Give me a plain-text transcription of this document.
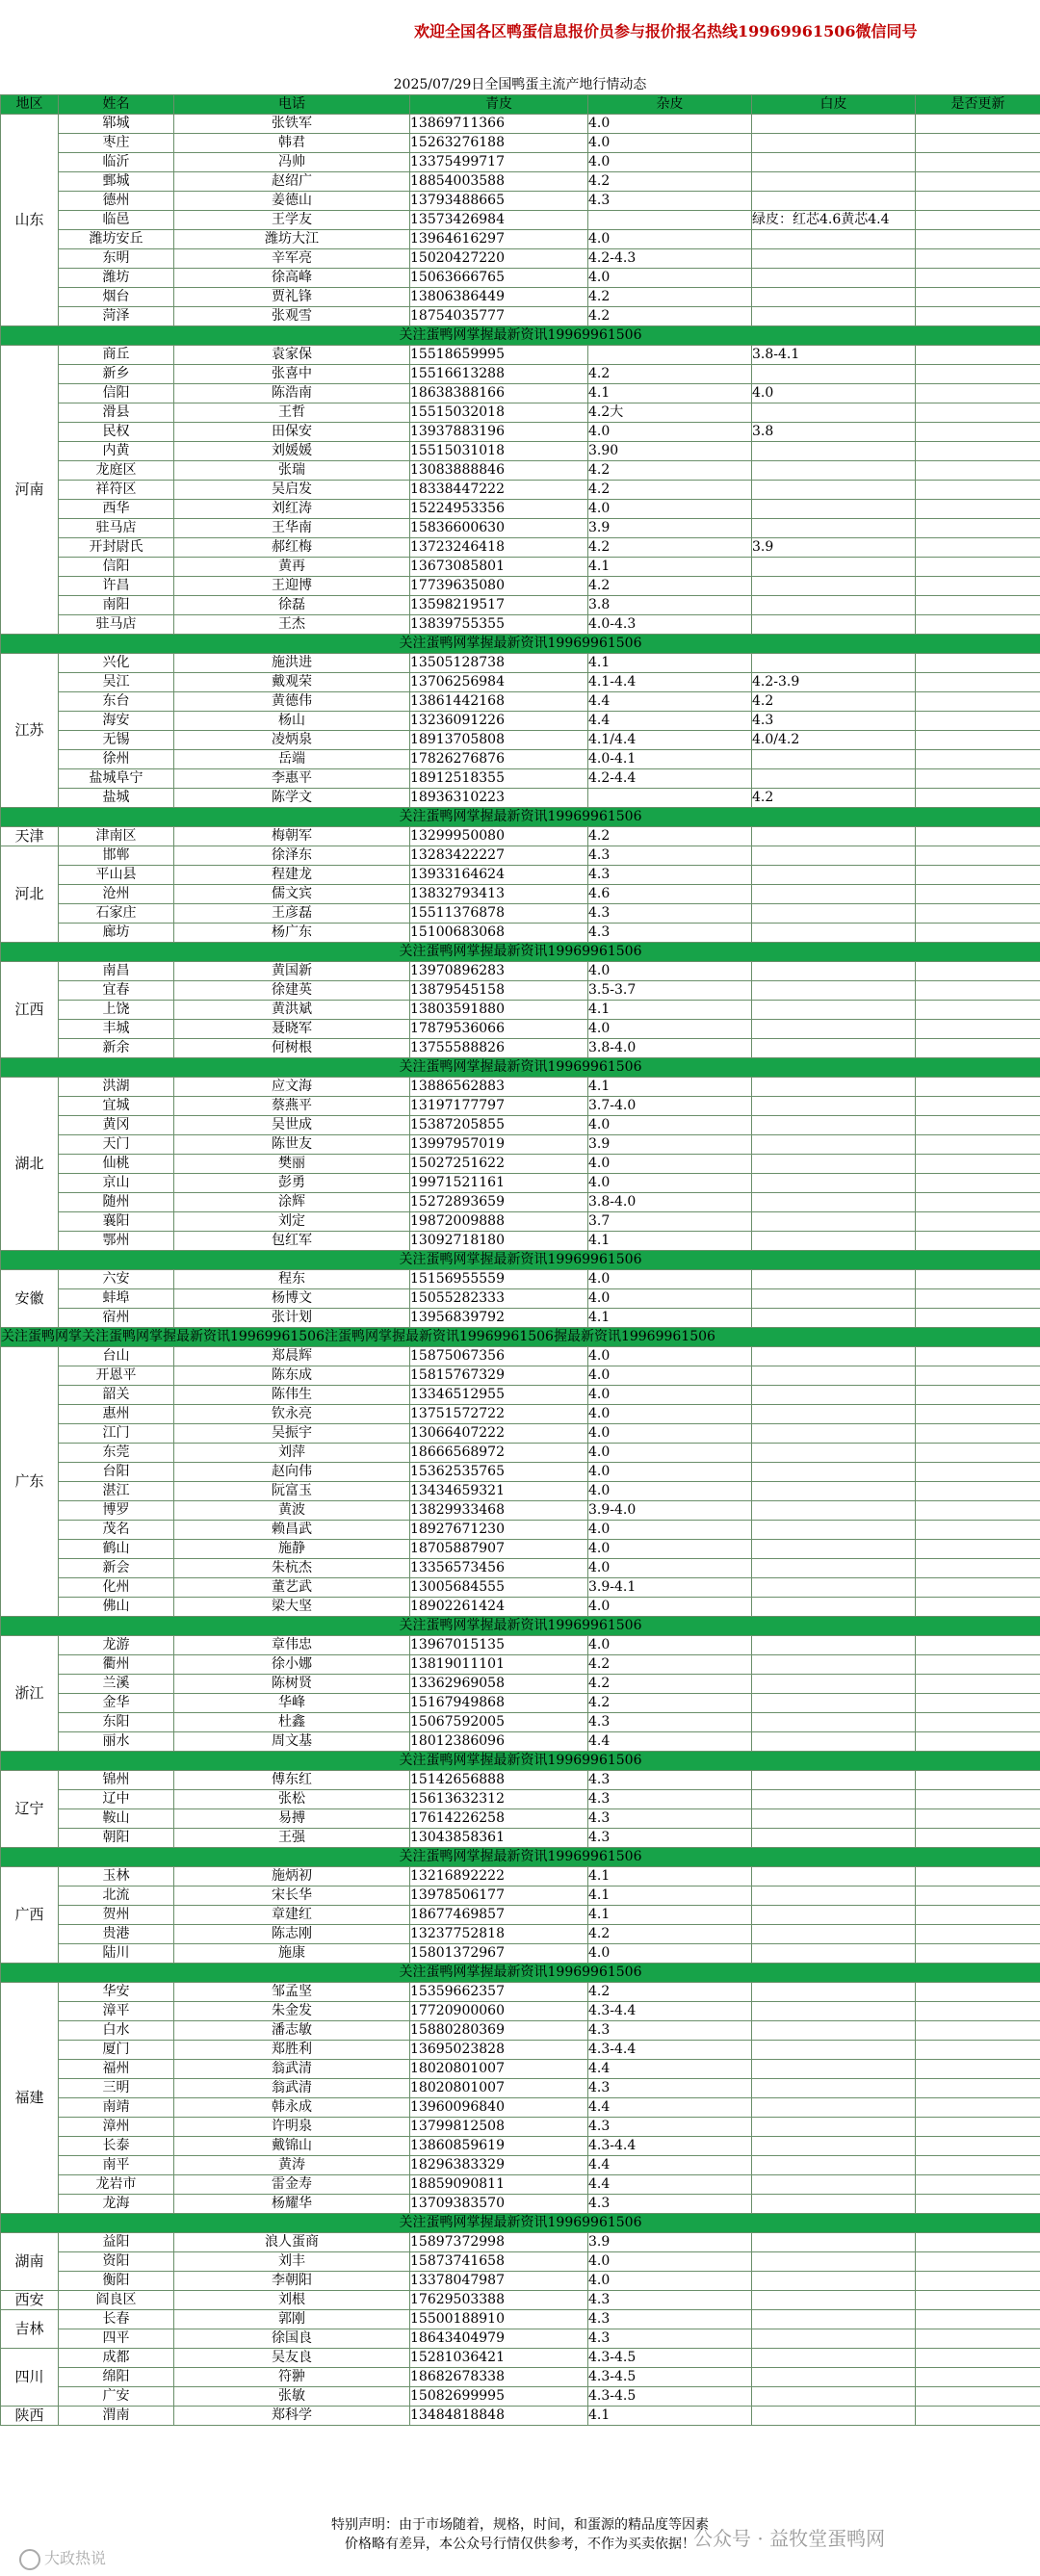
欢迎全国各区鸭蛋信息报价员参与报价报名热线19969961506微信同号
2025/07/29日全国鸭蛋主流产地行情动态
地区	姓名	电话	青皮	杂皮	白皮	是否更新	
山东	郓城	张铁军	13869711366	4.0			
	枣庄	韩君	15263276188	4.0			
	临沂	冯帅	13375499717	4.0			
	鄄城	赵绍广	18854003588	4.2			
	德州	姜德山	13793488665	4.3			
	临邑	王学友	13573426984		绿皮：红芯4.6黄芯4.4		
	潍坊安丘	潍坊大江	13964616297	4.0			
	东明	辛军亮	15020427220	4.2-4.3			
	潍坊	徐高峰	15063666765	4.0			
	烟台	贾礼锋	13806386449	4.2			
	菏泽	张观雪	18754035777	4.2			
关注蛋鸭网掌握最新资讯19969961506							
河南	商丘	袁家保	15518659995		3.8-4.1		
	新乡	张喜中	15516613288	4.2			
	信阳	陈浩南	18638388166	4.1	4.0		
	滑县	王哲	15515032018	4.2大			
	民权	田保安	13937883196	4.0	3.8		
	内黄	刘媛媛	15515031018	3.90			
	龙庭区	张瑞	13083888846	4.2			
	祥符区	吴启发	18338447222	4.2			
	西华	刘红涛	15224953356	4.0			
	驻马店	王华南	15836600630	3.9			
	开封尉氏	郝红梅	13723246418	4.2	3.9		
	信阳	黄再	13673085801	4.1			
	许昌	王迎博	17739635080	4.2			
	南阳	徐磊	13598219517	3.8			
	驻马店	王杰	13839755355	4.0-4.3			
关注蛋鸭网掌握最新资讯19969961506							
江苏	兴化	施洪进	13505128738	4.1			
	吴江	戴观荣	13706256984	4.1-4.4	4.2-3.9		
	东台	黄德伟	13861442168	4.4	4.2		
	海安	杨山	13236091226	4.4	4.3		
	无锡	凌炳泉	18913705808	4.1/4.4	4.0/4.2		
	徐州	岳端	17826276876	4.0-4.1			
	盐城阜宁	李惠平	18912518355	4.2-4.4			
	盐城	陈学文	18936310223		4.2		
关注蛋鸭网掌握最新资讯19969961506							
天津	津南区	梅朝军	13299950080	4.2			
河北	邯郸	徐泽东	13283422227	4.3			
	平山县	程建龙	13933164624	4.3			
	沧州	儒文宾	13832793413	4.6			
	石家庄	王彦磊	15511376878	4.3			
	廊坊	杨广东	15100683068	4.3			
关注蛋鸭网掌握最新资讯19969961506							
江西	南昌	黄国新	13970896283	4.0			
	宜春	徐建英	13879545158	3.5-3.7			
	上饶	黄洪斌	13803591880	4.1			
	丰城	聂晓军	17879536066	4.0			
	新余	何树根	13755588826	3.8-4.0			
关注蛋鸭网掌握最新资讯19969961506							
湖北	洪湖	应文海	13886562883	4.1			
	宜城	蔡燕平	13197177797	3.7-4.0			
	黄冈	吴世成	15387205855	4.0			
	天门	陈世友	13997957019	3.9			
	仙桃	樊丽	15027251622	4.0			
	京山	彭勇	19971521161	4.0			
	随州	涂辉	15272893659	3.8-4.0			
	襄阳	刘定	19872009888	3.7			
	鄂州	包红军	13092718180	4.1			
关注蛋鸭网掌握最新资讯19969961506							
安徽	六安	程东	15156955559	4.0			
	蚌埠	杨博文	15055282333	4.0			
	宿州	张计划	13956839792	4.1			
关注蛋鸭网掌关注蛋鸭网掌握最新资讯19969961506注蛋鸭网掌握最新资讯19969961506握最新资讯19969961506							
广东	台山	郑晨辉	15875067356	4.0			
	开恩平	陈东成	15815767329	4.0			
	韶关	陈伟生	13346512955	4.0			
	惠州	钦永亮	13751572722	4.0			
	江门	吴振宇	13066407222	4.0			
	东莞	刘萍	18666568972	4.0			
	台阳	赵向伟	15362535765	4.0			
	湛江	阮富玉	13434659321	4.0			
	博罗	黄波	13829933468	3.9-4.0			
	茂名	赖昌武	18927671230	4.0			
	鹤山	施静	18705887907	4.0			
	新会	朱杭杰	13356573456	4.0			
	化州	董艺武	13005684555	3.9-4.1			
	佛山	梁大坚	18902261424	4.0			
关注蛋鸭网掌握最新资讯19969961506							
浙江	龙游	章伟忠	13967015135	4.0			
	衢州	徐小娜	13819011101	4.2			
	兰溪	陈树贤	13362969058	4.2			
	金华	华峰	15167949868	4.2			
	东阳	杜鑫	15067592005	4.3			
	丽水	周文基	18012386096	4.4			
关注蛋鸭网掌握最新资讯19969961506							
辽宁	锦州	傅东红	15142656888	4.3			
	辽中	张松	15613632312	4.3			
	鞍山	易搏	17614226258	4.3			
	朝阳	王强	13043858361	4.3			
关注蛋鸭网掌握最新资讯19969961506							
广西	玉林	施炳初	13216892222	4.1			
	北流	宋长华	13978506177	4.1			
	贺州	章建红	18677469857	4.1			
	贵港	陈志刚	13237752818	4.2			
	陆川	施康	15801372967	4.0			
关注蛋鸭网掌握最新资讯19969961506							
福建	华安	邹孟坚	15359662357	4.2			
	漳平	朱金发	17720900060	4.3-4.4			
	白水	潘志敏	15880280369	4.3			
	厦门	郑胜利	13695023828	4.3-4.4			
	福州	翁武清	18020801007	4.4			
	三明	翁武清	18020801007	4.3			
	南靖	韩永成	13960096840	4.4			
	漳州	许明泉	13799812508	4.3			
	长泰	戴锦山	13860859619	4.3-4.4			
	南平	黄涛	18296383329	4.4			
	龙岩市	雷金寿	18859090811	4.4			
	龙海	杨耀华	13709383570	4.3			
关注蛋鸭网掌握最新资讯19969961506							
湖南	益阳	浪人蛋商	15897372998	3.9			
	资阳	刘丰	15873741658	4.0			
	衡阳	李朝阳	13378047987	4.0			
西安	阎良区	刘根	17629503388	4.3			
吉林	长春	郭刚	15500188910	4.3			
	四平	徐国良	18643404979	4.3			
四川	成都	吴友良	15281036421	4.3-4.5			
	绵阳	符翀	18682678338	4.3-4.5			
	广安	张敏	15082699995	4.3-4.5			
陕西	渭南	郑科学	13484818848	4.1			
特别声明：由于市场随着，规格，时间，和蛋源的精品度等因素
价格略有差异，本公众号行情仅供参考，不作为买卖依据！
大政热说
公众号 · 益牧堂蛋鸭网
